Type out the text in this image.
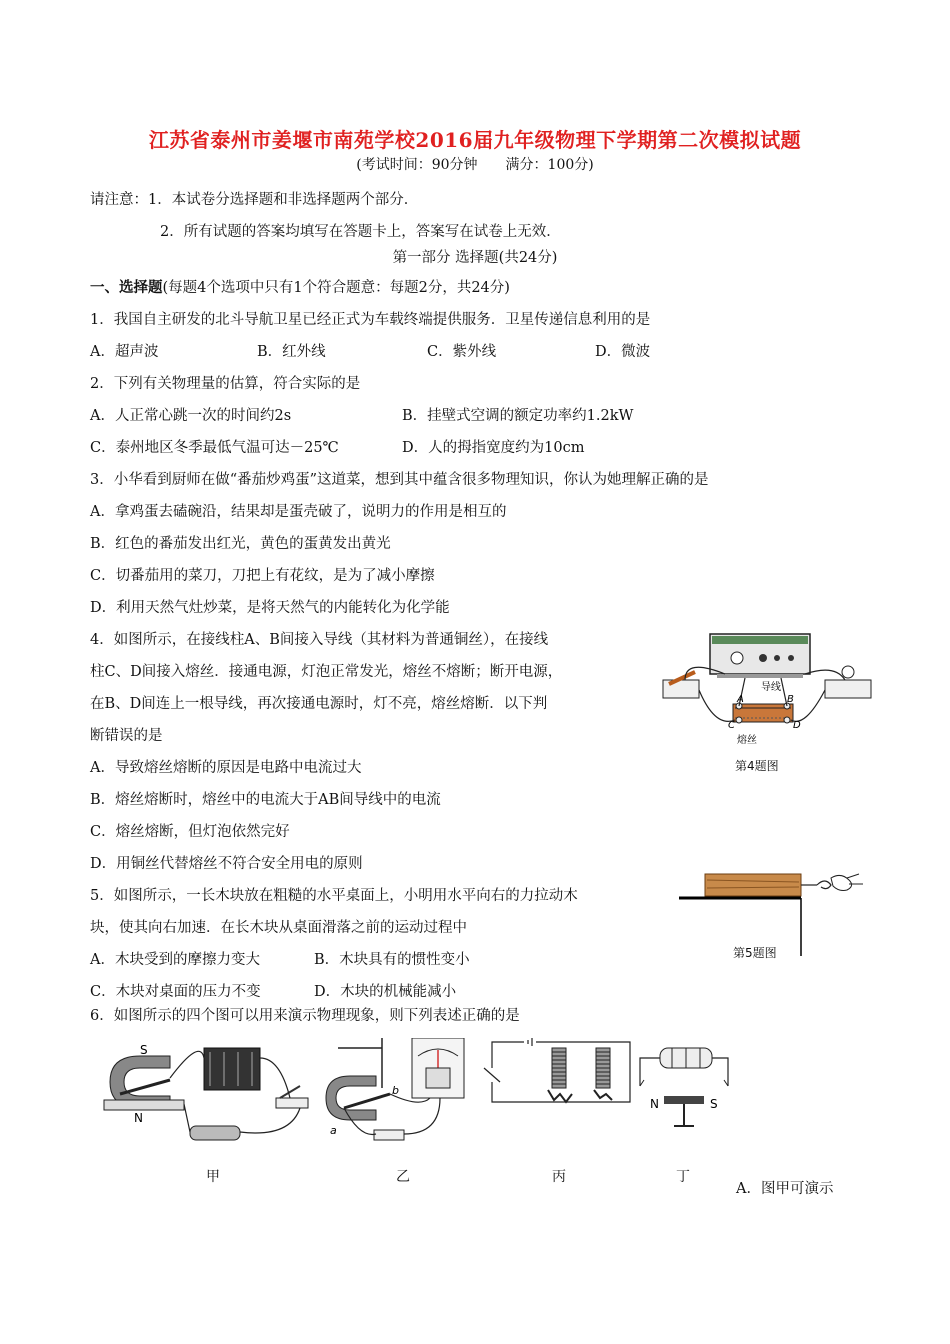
江苏省泰州市姜堰市南苑学校2016届九年级物理下学期第二次模拟试题
(考试时间：90分钟　　满分：100分)
请注意：1．本试卷分选择题和非选择题两个部分．
2．所有试题的答案均填写在答题卡上，答案写在试卷上无效．
第一部分 选择题(共24分)
一、选择题(每题4个选项中只有1个符合题意：每题2分，共24分)
1．我国自主研发的北斗导航卫星已经正式为车载终端提供服务．卫星传递信息利用的是
A．超声波	B．红外线	C．紫外线	D．微波
2．下列有关物理量的估算，符合实际的是
A．人正常心跳一次的时间约2s	B．挂壁式空调的额定功率约1.2kW
C．泰州地区冬季最低气温可达－25℃	D．人的拇指宽度约为10cm
3．小华看到厨师在做“番茄炒鸡蛋”这道菜，想到其中蕴含很多物理知识，你认为她理解正确的是
A．拿鸡蛋去磕碗沿，结果却是蛋壳破了，说明力的作用是相互的
B．红色的番茄发出红光，黄色的蛋黄发出黄光
C．切番茄用的菜刀，刀把上有花纹，是为了减小摩擦
D．利用天然气灶炒菜，是将天然气的内能转化为化学能
4．如图所示，在接线柱A、B间接入导线（其材料为普通铜丝），在接线
柱C、D间接入熔丝．接通电源，灯泡正常发光，熔丝不熔断；断开电源，
在B、D间连上一根导线，再次接通电源时，灯不亮，熔丝熔断．以下判
断错误的是
A．导致熔丝熔断的原因是电路中电流过大
B．熔丝熔断时，熔丝中的电流大于AB间导线中的电流
C．熔丝熔断，但灯泡依然完好
D．用铜丝代替熔丝不符合安全用电的原则
A	B
C	D
导线
熔丝
第4题图
5．如图所示，一长木块放在粗糙的水平桌面上，小明用水平向右的力拉动木
块，使其向右加速．在长木块从桌面滑落之前的运动过程中
A．木块受到的摩擦力变大	B．木块具有的惯性变小
C．木块对桌面的压力不变	D．木块的机械能减小
第5题图
6．如图所示的四个图可以用来演示物理现象，则下列表述正确的是
S
N
a
b
N	S
甲	乙	丙	丁
A．图甲可演示
